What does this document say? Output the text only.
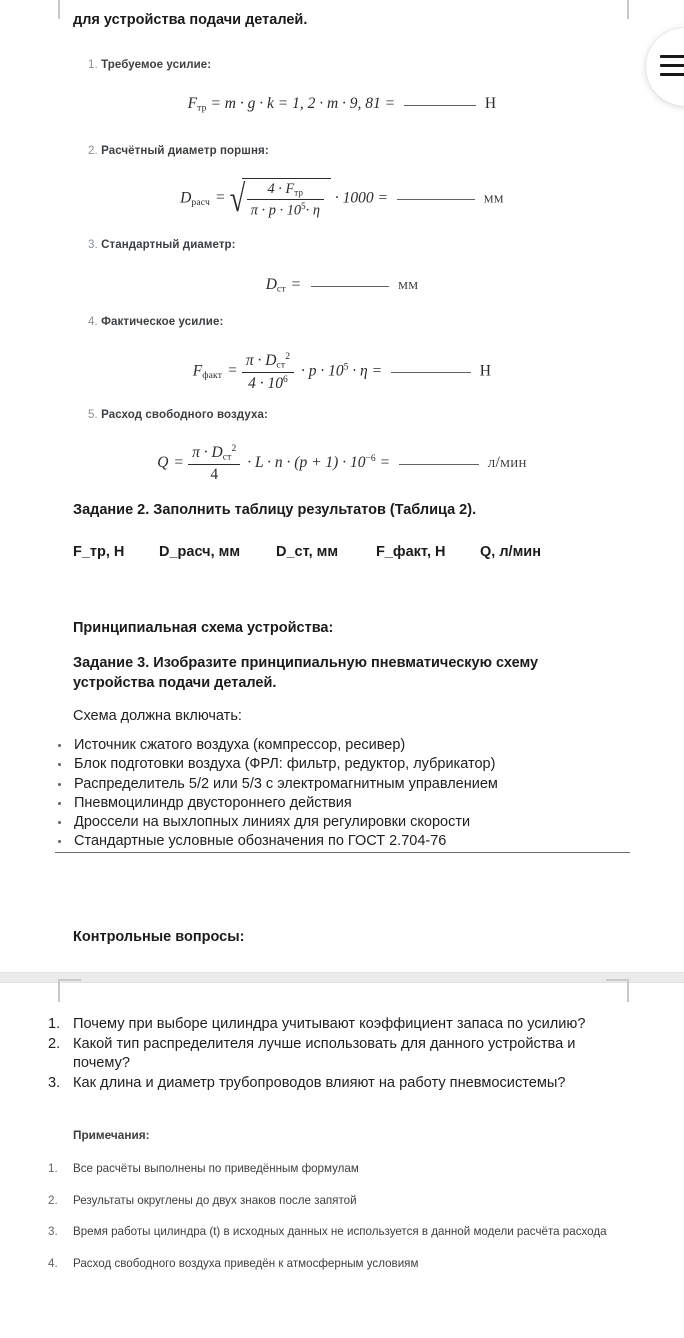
для устройства подачи деталей.
1. Требуемое усилие:
$F_{тр} = m \cdot g \cdot k = 1$, 2 · m · 9, 81 =	Н
2. Расчётный диаметр поршня:
$D_{расч}$ = √ $\frac{4 \cdot F_{тр}}{\pi \cdot p \cdot 10^5\cdot \eta} \cdot 1000$ =	мм
3. Стандартный диаметр:
$D_{ст}$ =	мм
4. Фактическое усилие:
$F_{факт} = \frac{\pi \cdot D_{ст}^2}{4 \cdot 10^6} \cdot p \cdot 10^5 \cdot \eta$ =	Н
5. Расход свободного воздуха:
$Q = \frac{\pi \cdot D_{ст}^2}{4} \cdot L \cdot n \cdot (p + 1) \cdot 10^{-6}$ =	л/мин
Задание 2. Заполнить таблицу результатов (Таблица 2).
F_тр, Н	D_расч, мм	D_ст, мм	F_факт, Н	Q, л/мин
Принципиальная схема устройства:
Задание 3. Изобразите принципиальную пневматическую схему устройства подачи деталей.
Схема должна включать:
Источник сжатого воздуха (компрессор, ресивер)
Блок подготовки воздуха (ФРЛ: фильтр, редуктор, лубрикатор)
Распределитель 5/2 или 5/3 с электромагнитным управлением
Пневмоцилиндр двустороннего действия
Дроссели на выхлопных линиях для регулировки скорости
Стандартные условные обозначения по ГОСТ 2.704-76
Контрольные вопросы:
Почему при выборе цилиндра учитывают коэффициент запаса по усилию?
Какой тип распределителя лучше использовать для данного устройства и почему?
Как длина и диаметр трубопроводов влияют на работу пневмосистемы?
Примечания:
Все расчёты выполнены по приведённым формулам
Результаты округлены до двух знаков после запятой
Время работы цилиндра (t) в исходных данных не используется в данной модели расчёта расхода
Расход свободного воздуха приведён к атмосферным условиям
